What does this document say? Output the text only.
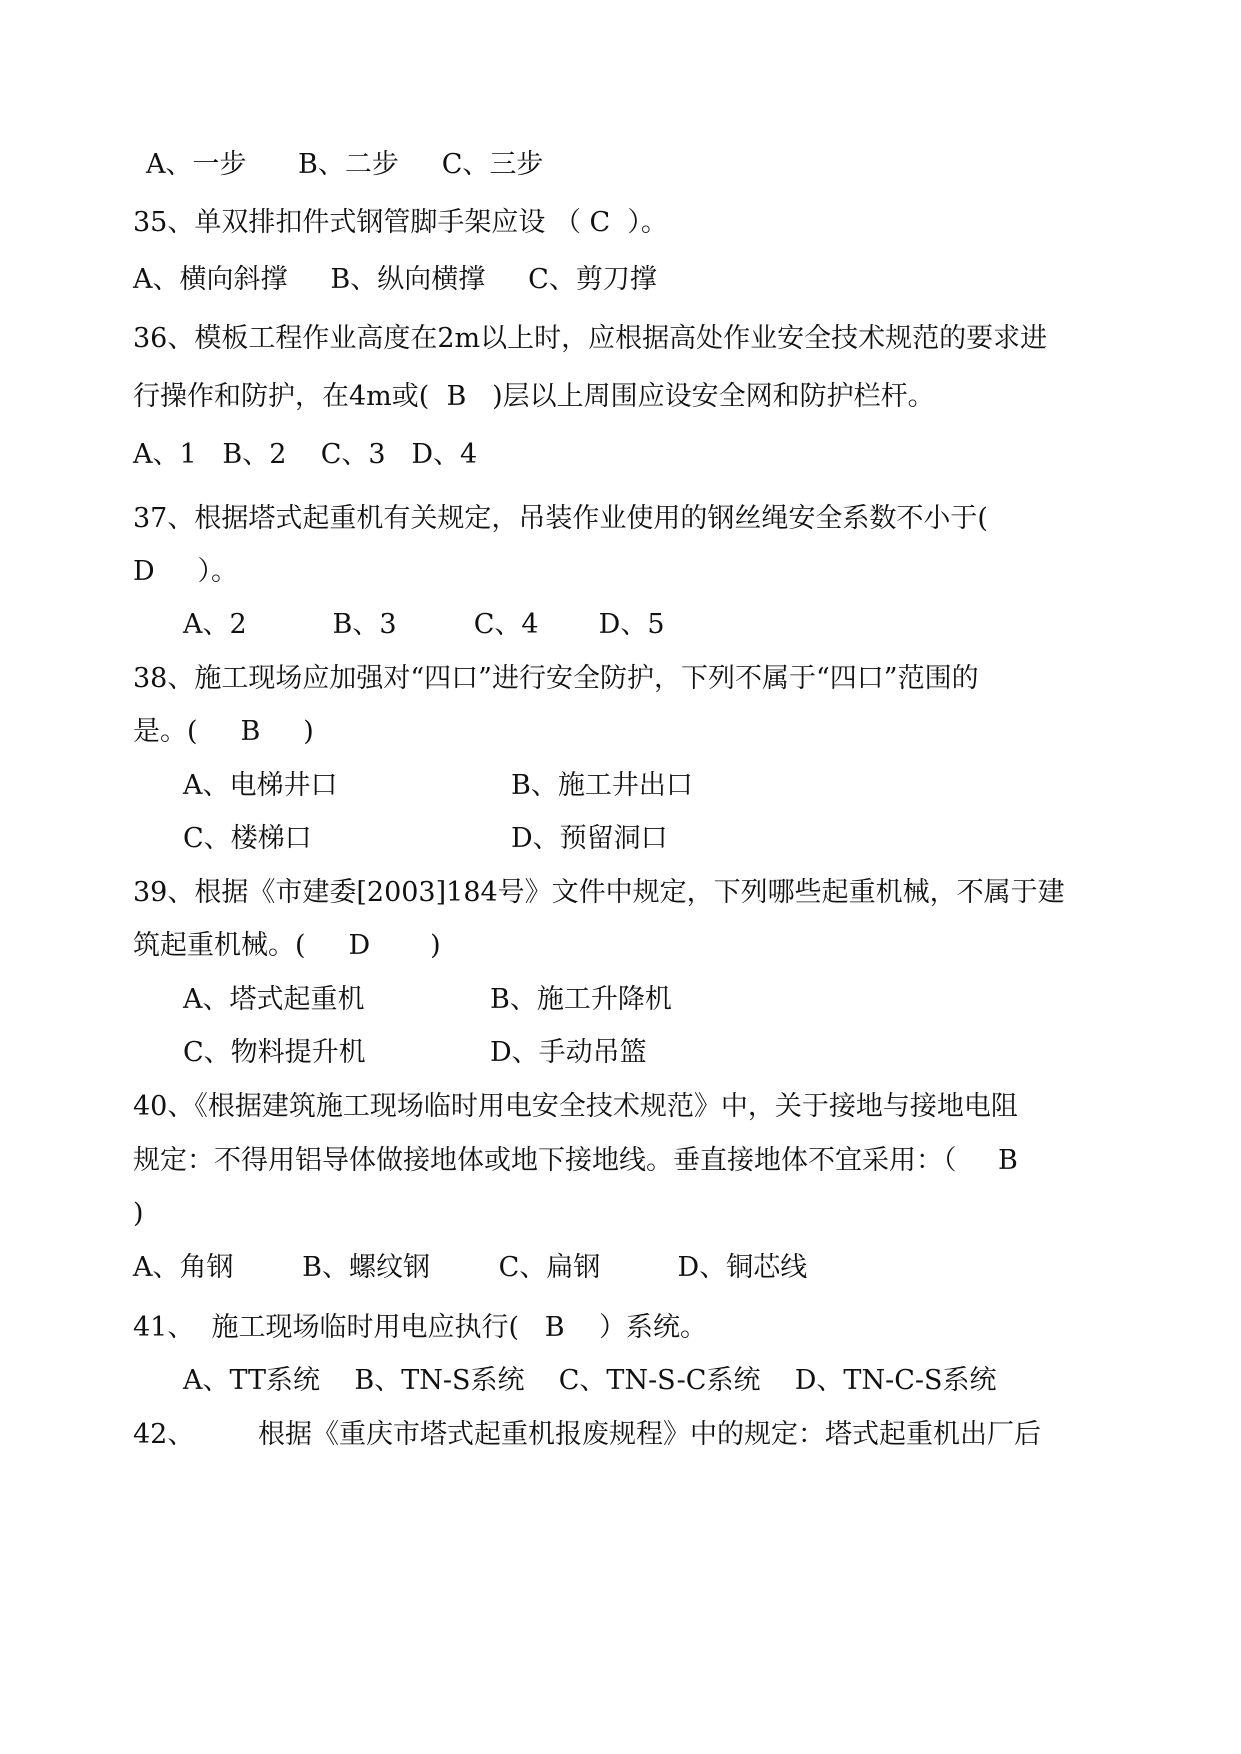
A、一步      B、二步     C、三步
35、单双排扣件式钢管脚手架应设 （ C  ）。
A、横向斜撑     B、纵向横撑     C、剪刀撑
36、模板工程作业高度在2m以上时，应根据高处作业安全技术规范的要求进
行操作和防护，在4m或(  B   )层以上周围应设安全网和防护栏杆。
A、1   B、2    C、3   D、4
37、根据塔式起重机有关规定，吊装作业使用的钢丝绳安全系数不小于(
D     ）。
A、2          B、3         C、4       D、5
38、施工现场应加强对“四口”进行安全防护，下列不属于“四口”范围的
是。(     B     )
A、电梯井口	B、施工井出口
C、楼梯口	D、预留洞口
39、根据《市建委[2003]184号》文件中规定，下列哪些起重机械，不属于建
筑起重机械。(     D       )
A、塔式起重机	B、施工升降机
C、物料提升机	D、手动吊篮
40、《根据建筑施工现场临时用电安全技术规范》中，关于接地与接地电阻
规定：不得用铝导体做接地体或地下接地线。垂直接地体不宜采用：（ B
)
A、角钢        B、螺纹钢        C、扁钢         D、铜芯线
41、  施工现场临时用电应执行(   B    ）系统。
A、TT系统    B、TN-S系统    C、TN-S-C系统    D、TN-C-S系统
42、 根据《重庆市塔式起重机报废规程》中的规定：塔式起重机出厂后
